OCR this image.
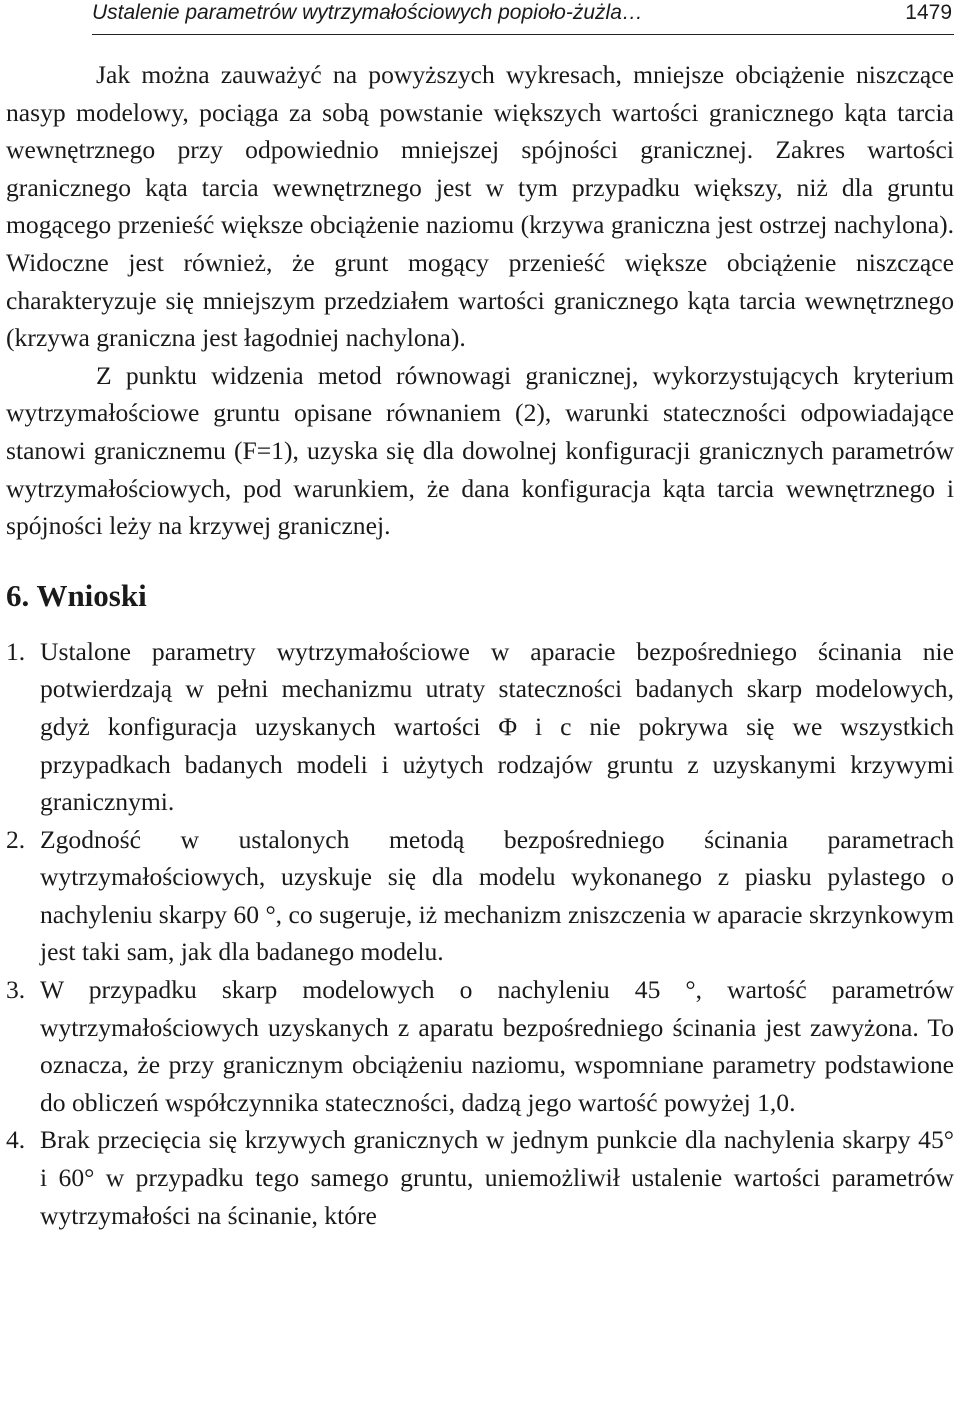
Ustalenie parametrów wytrzymałościowych popioło-żużla…	1479

Jak można zauważyć na powyższych wykresach, mniejsze obciążenie niszczące nasyp modelowy, pociąga za sobą powstanie większych wartości granicznego kąta tarcia wewnętrznego przy odpowiednio mniejszej spójności granicznej. Zakres wartości granicznego kąta tarcia wewnętrznego jest w tym przypadku większy, niż dla gruntu mogącego przenieść większe obciążenie naziomu (krzywa graniczna jest ostrzej nachylona). Widoczne jest również, że grunt mogący przenieść większe obciążenie niszczące charakteryzuje się mniejszym przedziałem wartości granicznego kąta tarcia wewnętrznego (krzywa graniczna jest łagodniej nachylona).

Z punktu widzenia metod równowagi granicznej, wykorzystujących kryterium wytrzymałościowe gruntu opisane równaniem (2), warunki stateczności odpowiadające stanowi granicznemu (F=1), uzyska się dla dowolnej konfiguracji granicznych parametrów wytrzymałościowych, pod warunkiem, że dana konfiguracja kąta tarcia wewnętrznego i spójności leży na krzywej granicznej.

6. Wnioski
1. Ustalone parametry wytrzymałościowe w aparacie bezpośredniego ścinania nie potwierdzają w pełni mechanizmu utraty stateczności badanych skarp modelowych, gdyż konfiguracja uzyskanych wartości Φ i c nie pokrywa się we wszystkich przypadkach badanych modeli i użytych rodzajów gruntu z uzyskanymi krzywymi granicznymi.
2. Zgodność w ustalonych metodą bezpośredniego ścinania parametrach wytrzymałościowych, uzyskuje się dla modelu wykonanego z piasku pylastego o nachyleniu skarpy 60 °, co sugeruje, iż mechanizm zniszczenia w aparacie skrzynkowym jest taki sam, jak dla badanego modelu.
3. W przypadku skarp modelowych o nachyleniu 45 °, wartość parametrów wytrzymałościowych uzyskanych z aparatu bezpośredniego ścinania jest zawyżona. To oznacza, że przy granicznym obciążeniu naziomu, wspomniane parametry podstawione do obliczeń współczynnika stateczności, dadzą jego wartość powyżej 1,0.
4. Brak przecięcia się krzywych granicznych w jednym punkcie dla nachylenia skarpy 45° i 60° w przypadku tego samego gruntu, uniemożliwił ustalenie wartości parametrów wytrzymałości na ścinanie, które
